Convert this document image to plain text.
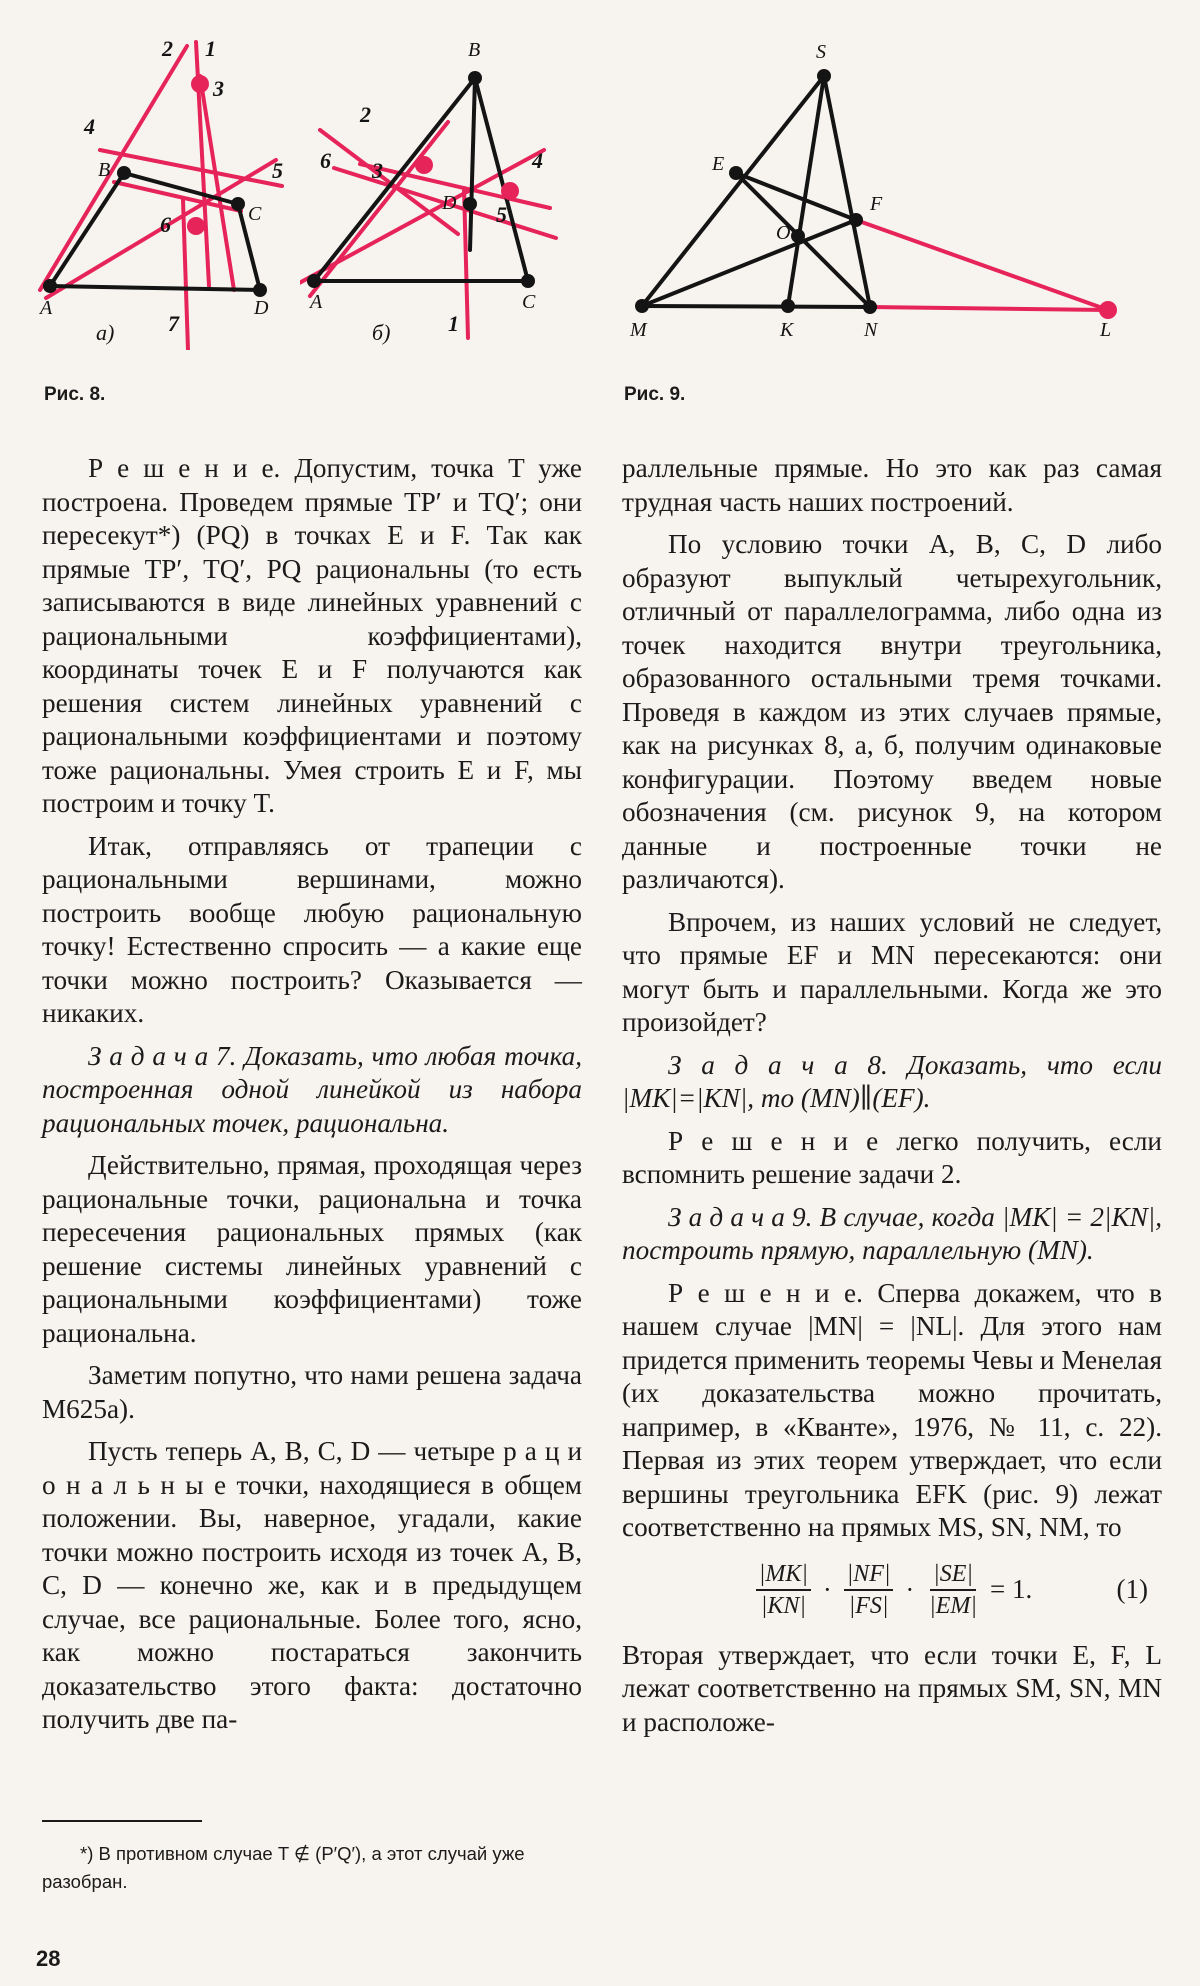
A
B
C
D
а)
1
2
3
4
5
6
7
A
B
C
D
б)	1
2
3	4
5
6
S
E
F
O
M	K	N	L
Рис. 8.	Рис. 9.

Р е ш е н и е. Допустим, точка T уже построена. Проведем прямые TP′ и TQ′; они пересекут*) (PQ) в точках E и F. Так как прямые TP′, TQ′, PQ рациональны (то есть записываются в виде линейных уравнений с рациональными коэффициентами), координаты точек E и F получаются как решения систем линейных уравнений с рациональными коэффициентами и поэтому тоже рациональны. Умея строить E и F, мы построим и точку T.

Итак, отправляясь от трапеции с рациональными вершинами, можно построить вообще любую рациональную точку! Естественно спросить — а какие еще точки можно построить? Оказывается — никаких.

З а д а ч а 7. Доказать, что любая точка, построенная одной линейкой из набора рациональных точек, рациональна.

Действительно, прямая, проходящая через рациональные точки, рациональна и точка пересечения рациональных прямых (как решение системы линейных уравнений с рациональными коэффициентами) тоже рациональна.

Заметим попутно, что нами решена задача М625а).

Пусть теперь A, B, C, D — четыре р а ц и о н а л ь н ы е точки, находящиеся в общем положении. Вы, наверное, угадали, какие точки можно построить исходя из точек A, B, C, D — конечно же, как и в предыдущем случае, все рациональные. Более того, ясно, как можно постараться закончить доказательство этого факта: достаточно получить две па-

раллельные прямые. Но это как раз самая трудная часть наших построений.

По условию точки A, B, C, D либо образуют выпуклый четырехугольник, отличный от параллелограмма, либо одна из точек находится внутри треугольника, образованного остальными тремя точками. Проведя в каждом из этих случаев прямые, как на рисунках 8, а, б, получим одинаковые конфигурации. Поэтому введем новые обозначения (см. рисунок 9, на котором данные и построенные точки не различаются).

Впрочем, из наших условий не следует, что прямые EF и MN пересекаются: они могут быть и параллельными. Когда же это произойдет?

З а д а ч а 8. Доказать, что если |MK|=|KN|, то (MN)∥(EF).

Р е ш е н и е легко получить, если вспомнить решение задачи 2.

З а д а ч а 9. В случае, когда |MK| = 2|KN|, построить прямую, параллельную (MN).

Р е ш е н и е. Сперва докажем, что в нашем случае |MN| = |NL|. Для этого нам придется применить теоремы Чевы и Менелая (их доказательства можно прочитать, например, в «Кванте», 1976, № 11, с. 22). Первая из этих теорем утверждает, что если вершины треугольника EFK (рис. 9) лежат соответственно на прямых MS, SN, NM, то

$\frac{|MK|}{|KN|} \cdot \frac{|NF|}{|FS|} \cdot \frac{|SE|}{|EM|} = 1$.	(1)

Вторая утверждает, что если точки E, F, L лежат соответственно на прямых SM, SN, MN и расположе-

*) В противном случае T ∉ (P′Q′), а этот случай уже разобран.
28
